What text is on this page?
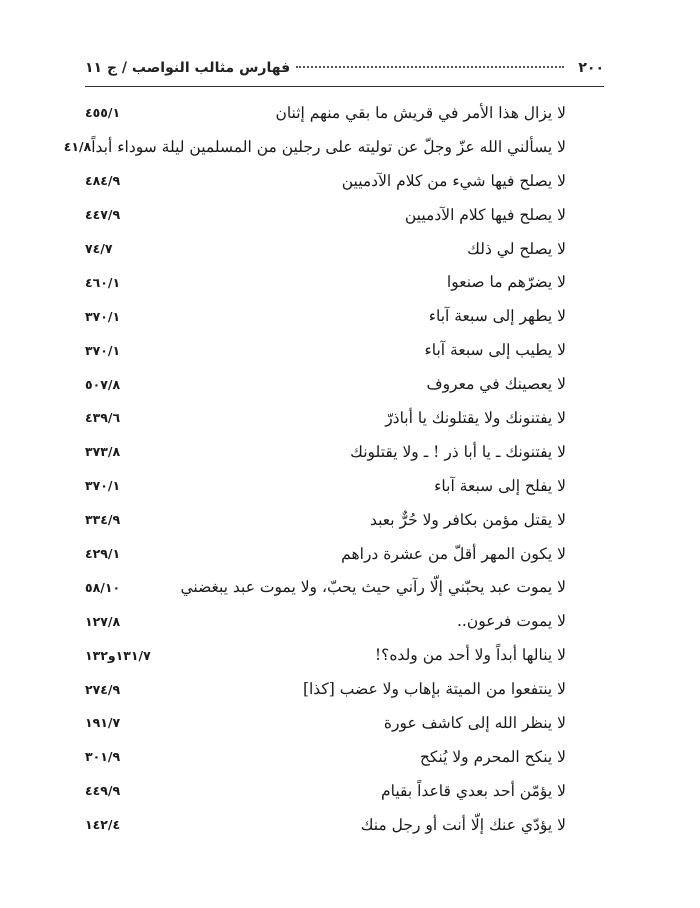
٢٠٠
فهارس مثالب النواصب / ج ١١
لا يزال هذا الأمر في قريش ما بقي منهم إثنان
٤٥٥/١
لا يسألني الله عزّ وجلّ عن توليته على رجلين من المسلمين ليلة سوداء أبداً
٤١/٨
لا يصلح فيها شيء من كلام الآدميين
٤٨٤/٩
لا يصلح فيها كلام الآدميين
٤٤٧/٩
لا يصلح لي ذلك
٧٤/٧
لا يضرّهم ما صنعوا
٤٦٠/١
لا يطهر إلى سبعة آباء
٣٧٠/١
لا يطيب إلى سبعة آباء
٣٧٠/١
لا يعصينك في معروف
٥٠٧/٨
لا يفتنونك ولا يقتلونك يا أباذرّ
٤٣٩/٦
لا يفتنونك ـ يا أبا ذر ! ـ ولا يقتلونك
٣٧٣/٨
لا يفلح إلى سبعة آباء
٣٧٠/١
لا يقتل مؤمن بكافر ولا حُرٌّ بعبد
٣٣٤/٩
لا يكون المهر أقلّ من عشرة دراهم
٤٢٩/١
لا يموت عبد يحبّني إلّا رآني حيث يحبّ، ولا يموت عبد يبغضني
٥٨/١٠
لا يموت فرعون..
١٢٧/٨
لا ينالها أبداً ولا أحد من ولده؟!
١٣١/٧و١٣٢
لا ينتفعوا من الميتة بإهاب ولا عضب [كذا]
٢٧٤/٩
لا ينظر الله إلى كاشف عورة
١٩١/٧
لا ينكح المحرم ولا يُنكح
٣٠١/٩
لا يؤمّن أحد بعدي قاعداً بقيام
٤٤٩/٩
لا يؤدّي عنك إلّا أنت أو رجل منك
١٤٢/٤
